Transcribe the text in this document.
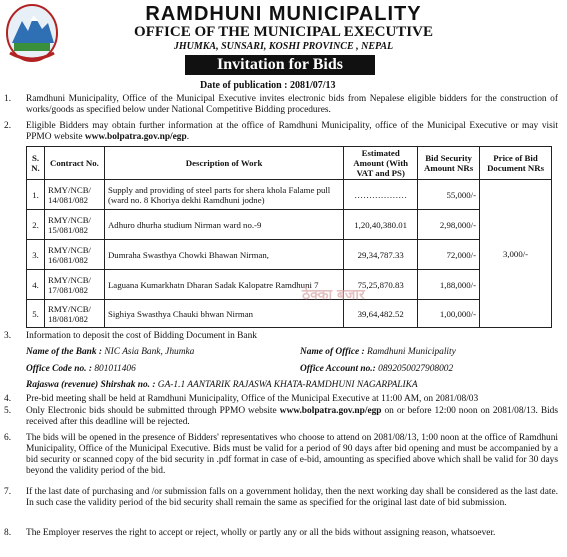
RAMDHUNI MUNICIPALITY
OFFICE OF THE MUNICIPAL EXECUTIVE
JHUMKA, SUNSARI, KOSHI PROVINCE , NEPAL
Invitation for Bids
Date of publication : 2081/07/13
1.	Ramdhuni Municipality, Office of the Municipal Executive invites electronic bids from Nepalese eligible bidders for the construction of works/goods as specified below under National Competitive Bidding procedures.
2.	Eligible Bidders may obtain further information at the office of Ramdhuni Municipality, office of the Municipal Executive or may visit PPMO website www.bolpatra.gov.np/egp.
S. N.	Contract No.	Description of Work	Estimated Amount (With VAT and PS)	Bid Security Amount NRs	Price of Bid Document NRs
1.	RMY/NCB/ 14/081/082	Supply and providing of steel parts for shera khola Falame pull (ward no. 8 Khoriya dekhi Ramdhuni jodne)	………………	55,000/-	3,000/-
2.	RMY/NCB/ 15/081/082	Adhuro dhurha studium Nirman ward no.-9	1,20,40,380.01	2,98,000/-	
3.	RMY/NCB/ 16/081/082	Dumraha Swasthya Chowki Bhawan Nirman,	29,34,787.33	72,000/-	
4.	RMY/NCB/ 17/081/082	Laguana Kumarkhatn Dharan Sadak Kalopatre Ramdhuni 7	75,25,870.83	1,88,000/-	
5.	RMY/NCB/ 18/081/082	Sighiya Swasthya Chauki bhwan Nirman	39,64,482.52	1,00,000/-	
ठेक्का बजार
3.	Information to deposit the cost of Bidding Document in Bank
Name of the Bank : NIC Asia Bank, Jhumka	Name of Office : Ramdhuni Municipality
Office Code no. : 801011406	Office Account no.: 0892050027908002
Rajaswa (revenue) Shirshak no. : GA-1.1 AANTARIK RAJASWA KHATA-RAMDHUNI NAGARPALIKA
4.	Pre-bid meeting shall be held at Ramdhuni Municipality, Office of the Municipal Executive at 11:00 AM, on 2081/08/03
5.	Only Electronic bids should be submitted through PPMO website www.bolpatra.gov.np/egp on or before 12:00 noon on 2081/08/13. Bids received after this deadline will be rejected.
6.	The bids will be opened in the presence of Bidders' representatives who choose to attend on 2081/08/13, 1:00 noon at the office of Ramdhuni Municipality, Office of the Municipal Executive. Bids must be valid for a period of 90 days after bid opening and must be accompanied by a bid security or scanned copy of the bid security in .pdf format in case of e-bid, amounting as specified above which shall be valid for 30 days beyond the validity period of the bid.
7.	If the last date of purchasing and /or submission falls on a government holiday, then the next working day shall be considered as the last date. In such case the validity period of the bid security shall remain the same as specified for the original last date of bid submission.
8.	The Employer reserves the right to accept or reject, wholly or partly any or all the bids without assigning reason, whatsoever.
